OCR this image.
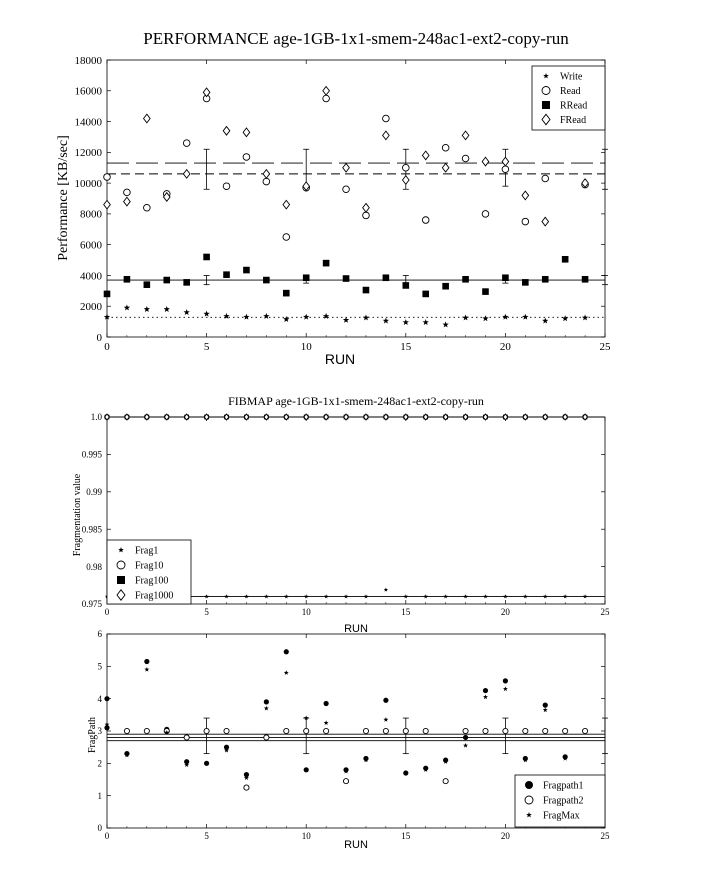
PERFORMANCE age-1GB-1x1-smem-248ac1-ext2-copy-run
RUN
Performance [KB/sec]
0	5	10	15	20	25
0
2000
4000
6000
8000
10000
12000
14000
16000
18000
Write
Read
RRead
FRead
FIBMAP age-1GB-1x1-smem-248ac1-ext2-copy-run
RUN
Fragmentation value
0	5	10	15	20	25
0.975
0.98
0.985
0.99
0.995
1.0
Frag1
Frag10
Frag100
Frag1000
RUN
FragPath
0	5	10	15	20	25
0
1
2
3
4
5
6
Fragpath1
Fragpath2
FragMax
